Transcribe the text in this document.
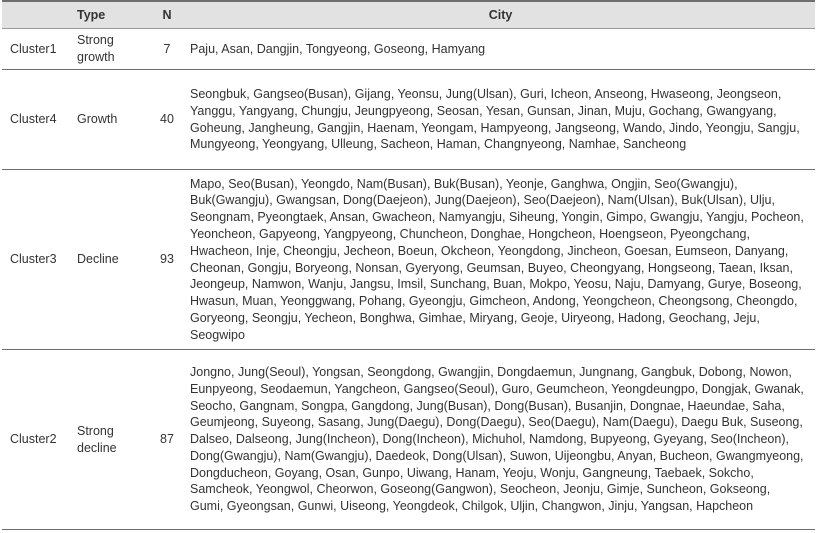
	Type	N	City
Cluster1	Strong growth	7	Paju, Asan, Dangjin, Tongyeong, Goseong, Hamyang
Cluster4	Growth	40	Seongbuk, Gangseo(Busan), Gijang, Yeonsu, Jung(Ulsan), Guri, Icheon, Anseong, Hwaseong, Jeongseon, Yanggu, Yangyang, Chungju, Jeungpyeong, Seosan, Yesan, Gunsan, Jinan, Muju, Gochang, Gwangyang, Goheung, Jangheung, Gangjin, Haenam, Yeongam, Hampyeong, Jangseong, Wando, Jindo, Yeongju, Sangju, Mungyeong, Yeongyang, Ulleung, Sacheon, Haman, Changnyeong, Namhae, Sancheong
Cluster3	Decline	93	Mapo, Seo(Busan), Yeongdo, Nam(Busan), Buk(Busan), Yeonje, Ganghwa, Ongjin, Seo(Gwangju), Buk(Gwangju), Gwangsan, Dong(Daejeon), Jung(Daejeon), Seo(Daejeon), Nam(Ulsan), Buk(Ulsan), Ulju, Seongnam, Pyeongtaek, Ansan, Gwacheon, Namyangju, Siheung, Yongin, Gimpo, Gwangju, Yangju, Pocheon, Yeoncheon, Gapyeong, Yangpyeong, Chuncheon, Donghae, Hongcheon, Hoengseon, Pyeongchang, Hwacheon, Inje, Cheongju, Jecheon, Boeun, Okcheon, Yeongdong, Jincheon, Goesan, Eumseon, Danyang, Cheonan, Gongju, Boryeong, Nonsan, Gyeryong, Geumsan, Buyeo, Cheongyang, Hongseong, Taean, Iksan, Jeongeup, Namwon, Wanju, Jangsu, Imsil, Sunchang, Buan, Mokpo, Yeosu, Naju, Damyang, Gurye, Boseong, Hwasun, Muan, Yeonggwang, Pohang, Gyeongju, Gimcheon, Andong, Yeongcheon, Cheongsong, Cheongdo, Goryeong, Seongju, Yecheon, Bonghwa, Gimhae, Miryang, Geoje, Uiryeong, Hadong, Geochang, Jeju, Seogwipo
Cluster2	Strong decline	87	Jongno, Jung(Seoul), Yongsan, Seongdong, Gwangjin, Dongdaemun, Jungnang, Gangbuk, Dobong, Nowon, Eunpyeong, Seodaemun, Yangcheon, Gangseo(Seoul), Guro, Geumcheon, Yeongdeungpo, Dongjak, Gwanak, Seocho, Gangnam, Songpa, Gangdong, Jung(Busan), Dong(Busan), Busanjin, Dongnae, Haeundae, Saha, Geumjeong, Suyeong, Sasang, Jung(Daegu), Dong(Daegu), Seo(Daegu), Nam(Daegu), Daegu Buk, Suseong, Dalseo, Dalseong, Jung(Incheon), Dong(Incheon), Michuhol, Namdong, Bupyeong, Gyeyang, Seo(Incheon), Dong(Gwangju), Nam(Gwangju), Daedeok, Dong(Ulsan), Suwon, Uijeongbu, Anyan, Bucheon, Gwangmyeong, Dongducheon, Goyang, Osan, Gunpo, Uiwang, Hanam, Yeoju, Wonju, Gangneung, Taebaek, Sokcho, Samcheok, Yeongwol, Cheorwon, Goseong(Gangwon), Seocheon, Jeonju, Gimje, Suncheon, Gokseong, Gumi, Gyeongsan, Gunwi, Uiseong, Yeongdeok, Chilgok, Uljin, Changwon, Jinju, Yangsan, Hapcheon
